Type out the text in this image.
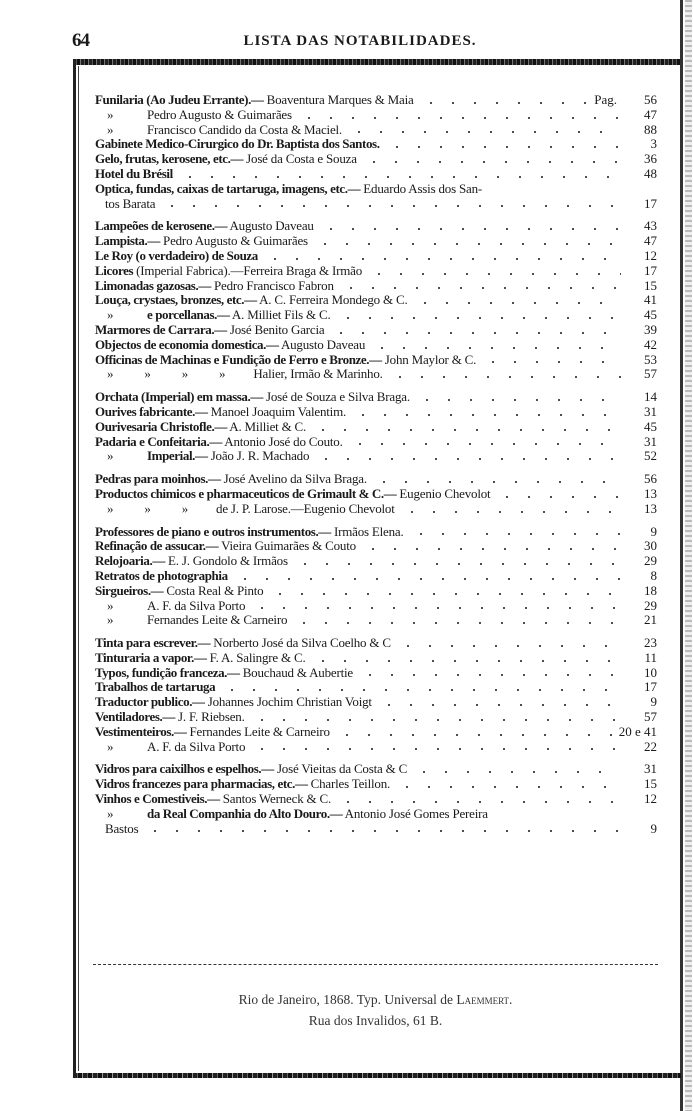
64	LISTA DAS NOTABILIDADES.
Funilaria (Ao Judeu Errante).— Boaventura Marques & Maia	Pag.	56
»	Pedro Augusto & Guimarães	47
»	Francisco Candido da Costa & Maciel.	88
Gabinete Medico-Cirurgico do Dr. Baptista dos Santos.	3
Gelo, frutas, kerosene, etc.— José da Costa e Souza	36
Hotel du Brésil	48
Optica, fundas, caixas de tartaruga, imagens, etc.— Eduardo Assis dos San-
tos Barata	17
Lampeões de kerosene.— Augusto Daveau	43
Lampista.— Pedro Augusto & Guimarães	47
Le Roy (o verdadeiro) de Souza	12
Licores (Imperial Fabrica).—Ferreira Braga & Irmão	17
Limonadas gazosas.— Pedro Francisco Fabron	15
Louça, crystaes, bronzes, etc.— A. C. Ferreira Mondego & C.	41
»	e porcellanas.— A. Milliet Fils & C.	45
Marmores de Carrara.— José Benito Garcia	39
Objectos de economia domestica.— Augusto Daveau	42
Officinas de Machinas e Fundição de Ferro e Bronze.— John Maylor & C.	53
» » » » Halier, Irmão & Marinho.	57
Orchata (Imperial) em massa.— José de Souza e Silva Braga.	14
Ourives fabricante.— Manoel Joaquim Valentim.	31
Ourivesaria Christofle.— A. Milliet & C.	45
Padaria e Confeitaria.— Antonio José do Couto.	31
»	Imperial.— João J. R. Machado	52
Pedras para moinhos.— José Avelino da Silva Braga.	56
Productos chimicos e pharmaceuticos de Grimault & C.— Eugenio Chevolot	13
» » » de J. P. Larose.—Eugenio Chevolot	13
Professores de piano e outros instrumentos.— Irmãos Elena.	9
Refinação de assucar.— Vieira Guimarães & Couto	30
Relojoaria.— E. J. Gondolo & Irmãos	29
Retratos de photographia	8
Sirgueiros.— Costa Real & Pinto	18
»	A. F. da Silva Porto	29
»	Fernandes Leite & Carneiro	21
Tinta para escrever.— Norberto José da Silva Coelho & C	23
Tinturaria a vapor.— F. A. Salingre & C.	11
Typos, fundição franceza.— Bouchaud & Aubertie	10
Trabalhos de tartaruga	17
Traductor publico.— Johannes Jochim Christian Voigt	9
Ventiladores.— J. F. Riebsen.	57
Vestimenteiros.— Fernandes Leite & Carneiro	20 e 41
»	A. F. da Silva Porto	22
Vidros para caixilhos e espelhos.— José Vieitas da Costa & C	31
Vidros francezes para pharmacias, etc.— Charles Teillon.	15
Vinhos e Comestiveis.— Santos Werneck & C.	12
»	da Real Companhia do Alto Douro.— Antonio José Gomes Pereira
Bastos	9
Rio de Janeiro, 1868. Typ. Universal de Laemmert.
Rua dos Invalidos, 61 B.
